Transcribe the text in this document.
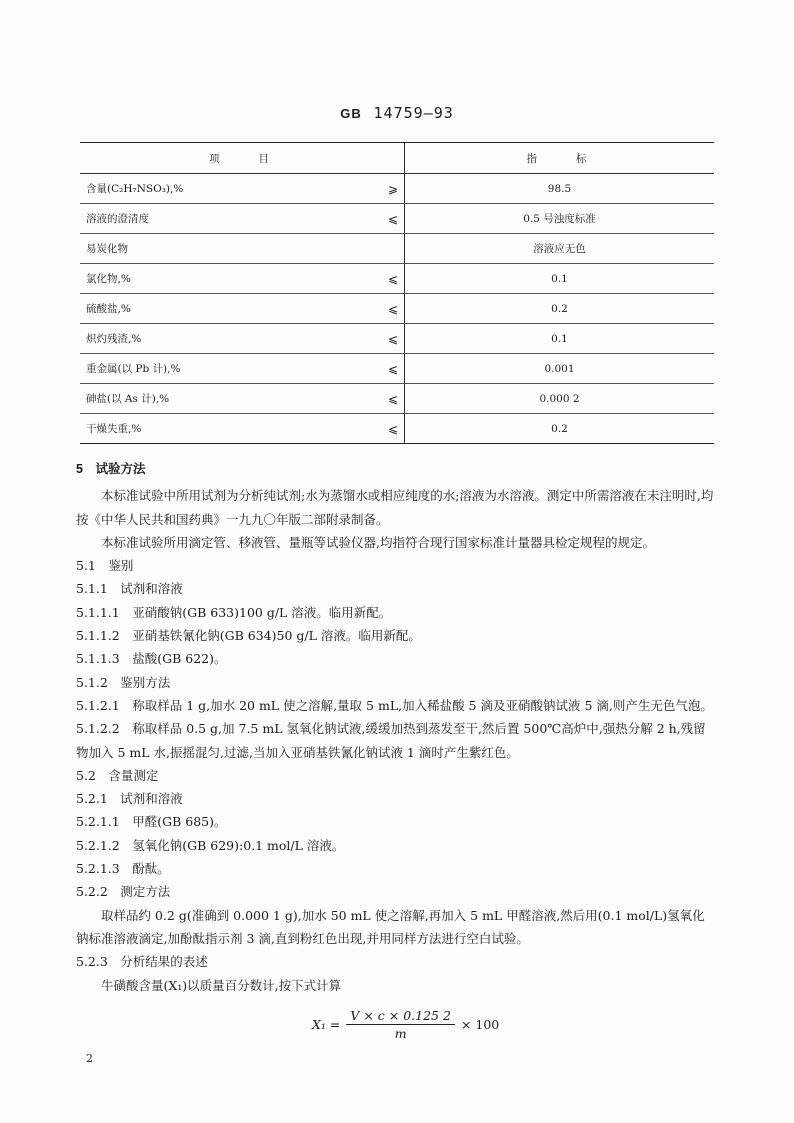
GB 14759—93
项　　目		指　　标
含量(C₂H₇NSO₃),%	⩾	98.5
溶液的澄清度	⩽	0.5 号浊度标准
易炭化物		溶液应无色
氯化物,%	⩽	0.1
硫酸盐,%	⩽	0.2
炽灼残渣,%	⩽	0.1
重金属(以 Pb 计),%	⩽	0.001
砷盐(以 As 计),%	⩽	0.000 2
干燥失重,%	⩽	0.2

5　试验方法

本标准试验中所用试剂为分析纯试剂;水为蒸馏水或相应纯度的水;溶液为水溶液。测定中所需溶液在未注明时,均按《中华人民共和国药典》一九九〇年版二部附录制备。

本标准试验所用滴定管、移液管、量瓶等试验仪器,均指符合现行国家标准计量器具检定规程的规定。

5.1　鉴别

5.1.1　试剂和溶液

5.1.1.1　亚硝酸钠(GB 633)100 g/L 溶液。临用新配。

5.1.1.2　亚硝基铁氰化钠(GB 634)50 g/L 溶液。临用新配。

5.1.1.3　盐酸(GB 622)。

5.1.2　鉴别方法

5.1.2.1　称取样品 1 g,加水 20 mL 使之溶解,量取 5 mL,加入稀盐酸 5 滴及亚硝酸钠试液 5 滴,则产生无色气泡。

5.1.2.2　称取样品 0.5 g,加 7.5 mL 氢氧化钠试液,缓缓加热到蒸发至干,然后置 500℃高炉中,强热分解 2 h,残留物加入 5 mL 水,振摇混匀,过滤,当加入亚硝基铁氰化钠试液 1 滴时产生紫红色。

5.2　含量测定

5.2.1　试剂和溶液

5.2.1.1　甲醛(GB 685)。

5.2.1.2　氢氧化钠(GB 629):0.1 mol/L 溶液。

5.2.1.3　酚酞。

5.2.2　测定方法

取样品约 0.2 g(准确到 0.000 1 g),加水 50 mL 使之溶解,再加入 5 mL 甲醛溶液,然后用(0.1 mol/L)氢氧化钠标准溶液滴定,加酚酞指示剂 3 滴,直到粉红色出现,并用同样方法进行空白试验。

5.2.3　分析结果的表述

牛磺酸含量(X₁)以质量百分数计,按下式计算

$X_1 = \frac{V \times c \times 0.125 2}{m} \times 100$
2
